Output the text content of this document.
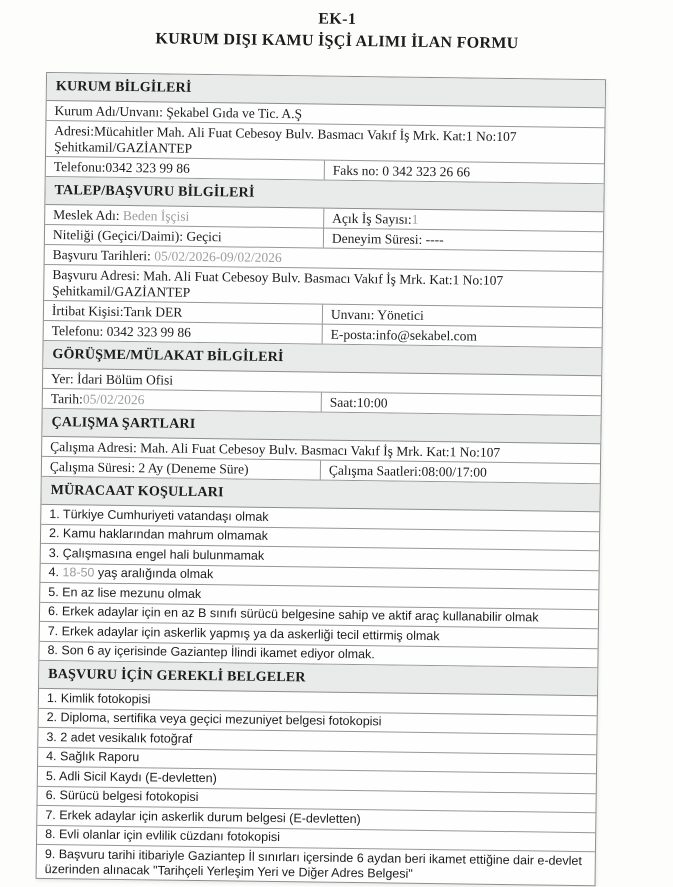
EK-1
KURUM DIŞI KAMU İŞÇİ ALIMI İLAN FORMU
KURUM BİLGİLERİ
Kurum Adı/Unvanı: Şekabel Gıda ve Tic. A.Ş
Adresi:Mücahitler Mah. Ali Fuat Cebesoy Bulv. Basmacı Vakıf İş Mrk. Kat:1 No:107 Şehitkamil/GAZİANTEP
Telefonu:0342 323 99 86	Faks no: 0 342 323 26 66
TALEP/BAŞVURU BİLGİLERİ
Meslek Adı: Beden İşçisi	Açık İş Sayısı:1
Niteliği (Geçici/Daimi): Geçici	Deneyim Süresi: ----
Başvuru Tarihleri: 05/02/2026-09/02/2026
Başvuru Adresi: Mah. Ali Fuat Cebesoy Bulv. Basmacı Vakıf İş Mrk. Kat:1 No:107 Şehitkamil/GAZİANTEP
İrtibat Kişisi:Tarık DER	Unvanı: Yönetici
Telefonu: 0342 323 99 86	E-posta:info@sekabel.com
GÖRÜŞME/MÜLAKAT BİLGİLERİ
Yer: İdari Bölüm Ofisi
Tarih:05/02/2026	Saat:10:00
ÇALIŞMA ŞARTLARI
Çalışma Adresi: Mah. Ali Fuat Cebesoy Bulv. Basmacı Vakıf İş Mrk. Kat:1 No:107
Çalışma Süresi: 2 Ay (Deneme Süre)	Çalışma Saatleri:08:00/17:00
MÜRACAAT KOŞULLARI
1. Türkiye Cumhuriyeti vatandaşı olmak
2. Kamu haklarından mahrum olmamak
3. Çalışmasına engel hali bulunmamak
4. 18-50 yaş aralığında olmak
5. En az lise mezunu olmak
6. Erkek adaylar için en az B sınıfı sürücü belgesine sahip ve aktif araç kullanabilir olmak
7. Erkek adaylar için askerlik yapmış ya da askerliği tecil ettirmiş olmak
8. Son 6 ay içerisinde Gaziantep İlindi ikamet ediyor olmak.
BAŞVURU İÇİN GEREKLİ BELGELER
1. Kimlik fotokopisi
2. Diploma, sertifika veya geçici mezuniyet belgesi fotokopisi
3. 2 adet vesikalık fotoğraf
4. Sağlık Raporu
5. Adli Sicil Kaydı (E-devletten)
6. Sürücü belgesi fotokopisi
7. Erkek adaylar için askerlik durum belgesi (E-devletten)
8. Evli olanlar için evlilik cüzdanı fotokopisi
9. Başvuru tarihi itibariyle Gaziantep İl sınırları içersinde 6 aydan beri ikamet ettiğine dair e-devlet üzerinden alınacak "Tarihçeli Yerleşim Yeri ve Diğer Adres Belgesi"
